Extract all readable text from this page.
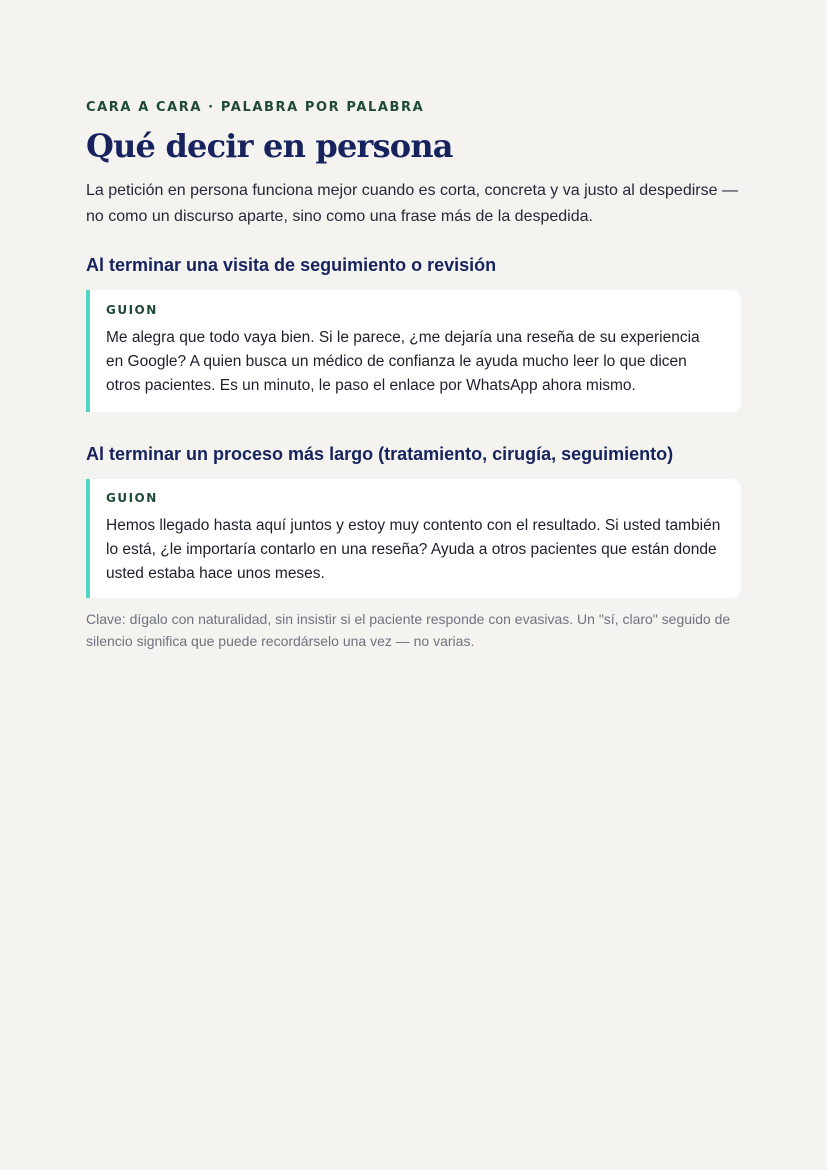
CARA A CARA · PALABRA POR PALABRA

Qué decir en persona

La petición en persona funciona mejor cuando es corta, concreta y va justo al despedirse — no como un discurso aparte, sino como una frase más de la despedida.

Al terminar una visita de seguimiento o revisión

GUION

Me alegra que todo vaya bien. Si le parece, ¿me dejaría una reseña de su experiencia en Google? A quien busca un médico de confianza le ayuda mucho leer lo que dicen otros pacientes. Es un minuto, le paso el enlace por WhatsApp ahora mismo.

Al terminar un proceso más largo (tratamiento, cirugía, seguimiento)

GUION

Hemos llegado hasta aquí juntos y estoy muy contento con el resultado. Si usted también lo está, ¿le importaría contarlo en una reseña? Ayuda a otros pacientes que están donde usted estaba hace unos meses.

Clave: dígalo con naturalidad, sin insistir si el paciente responde con evasivas. Un "sí, claro" seguido de silencio significa que puede recordárselo una vez — no varias.
